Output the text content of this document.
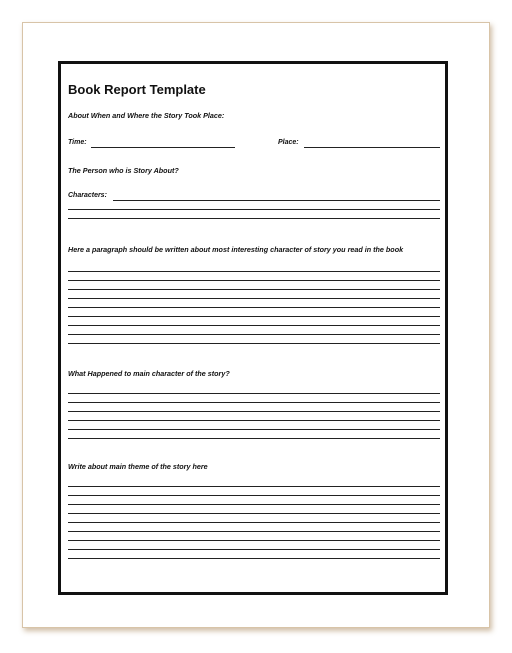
Book Report Template
About When and Where the Story Took Place:
Time:	Place:
The Person who is Story About?
Characters:
Here a paragraph should be written about most interesting character of story you read in the book
What Happened to main character of the story?
Write about main theme of the story here
